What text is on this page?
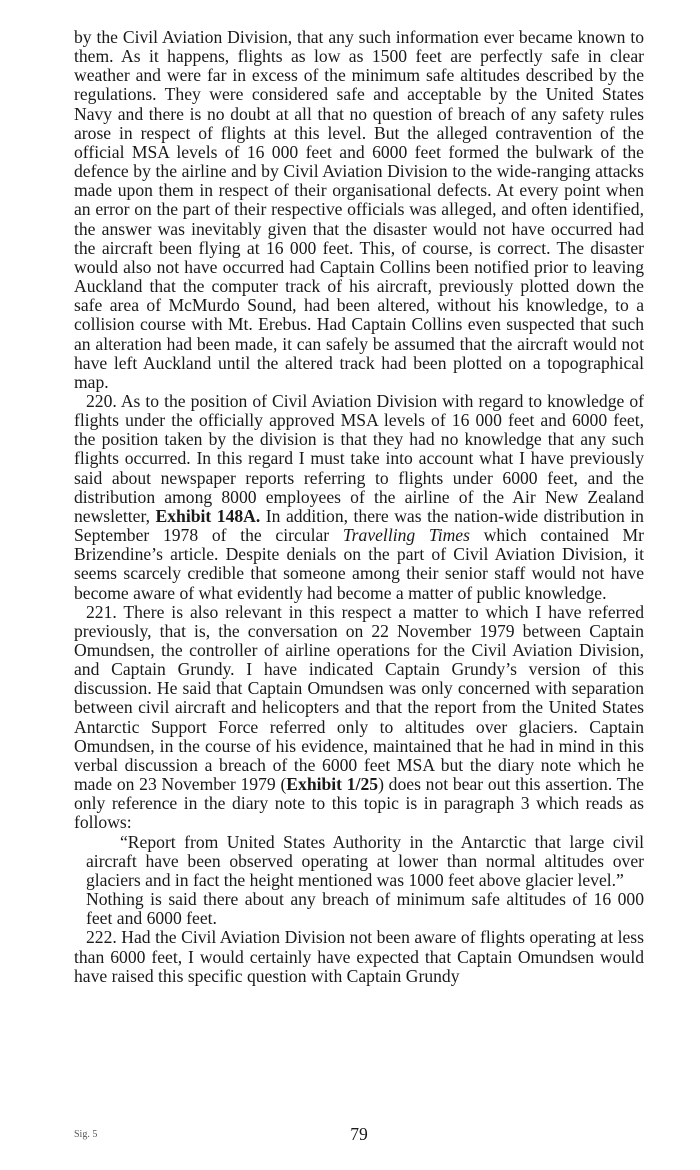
by the Civil Aviation Division, that any such information ever became known to them. As it happens, flights as low as 1500 feet are perfectly safe in clear weather and were far in excess of the minimum safe altitudes described by the regulations. They were considered safe and acceptable by the United States Navy and there is no doubt at all that no question of breach of any safety rules arose in respect of flights at this level. But the alleged contravention of the official MSA levels of 16 000 feet and 6000 feet formed the bulwark of the defence by the airline and by Civil Aviation Division to the wide-ranging attacks made upon them in respect of their organisational defects. At every point when an error on the part of their respective officials was alleged, and often identified, the answer was inevitably given that the disaster would not have occurred had the aircraft been flying at 16 000 feet. This, of course, is correct. The disaster would also not have occurred had Captain Collins been notified prior to leaving Auckland that the computer track of his aircraft, previously plotted down the safe area of McMurdo Sound, had been altered, without his knowledge, to a collision course with Mt. Erebus. Had Captain Collins even suspected that such an alteration had been made, it can safely be assumed that the aircraft would not have left Auckland until the altered track had been plotted on a topographical map.

220. As to the position of Civil Aviation Division with regard to knowledge of flights under the officially approved MSA levels of 16 000 feet and 6000 feet, the position taken by the division is that they had no knowledge that any such flights occurred. In this regard I must take into account what I have previously said about newspaper reports referring to flights under 6000 feet, and the distribution among 8000 employees of the airline of the Air New Zealand newsletter, Exhibit 148A. In addition, there was the nation-wide distribution in September 1978 of the circular Travelling Times which contained Mr Brizendine’s article. Despite denials on the part of Civil Aviation Division, it seems scarcely credible that someone among their senior staff would not have become aware of what evidently had become a matter of public knowledge.

221. There is also relevant in this respect a matter to which I have referred previously, that is, the conversation on 22 November 1979 between Captain Omundsen, the controller of airline operations for the Civil Aviation Division, and Captain Grundy. I have indicated Captain Grundy’s version of this discussion. He said that Captain Omundsen was only concerned with separation between civil aircraft and helicopters and that the report from the United States Antarctic Support Force referred only to altitudes over glaciers. Captain Omundsen, in the course of his evidence, maintained that he had in mind in this verbal discussion a breach of the 6000 feet MSA but the diary note which he made on 23 November 1979 (Exhibit 1/25) does not bear out this assertion. The only reference in the diary note to this topic is in paragraph 3 which reads as follows:

“Report from United States Authority in the Antarctic that large civil aircraft have been observed operating at lower than normal altitudes over glaciers and in fact the height mentioned was 1000 feet above glacier level.”

Nothing is said there about any breach of minimum safe altitudes of 16 000 feet and 6000 feet.

222. Had the Civil Aviation Division not been aware of flights operating at less than 6000 feet, I would certainly have expected that Captain Omundsen would have raised this specific question with Captain Grundy

Sig. 5	79
